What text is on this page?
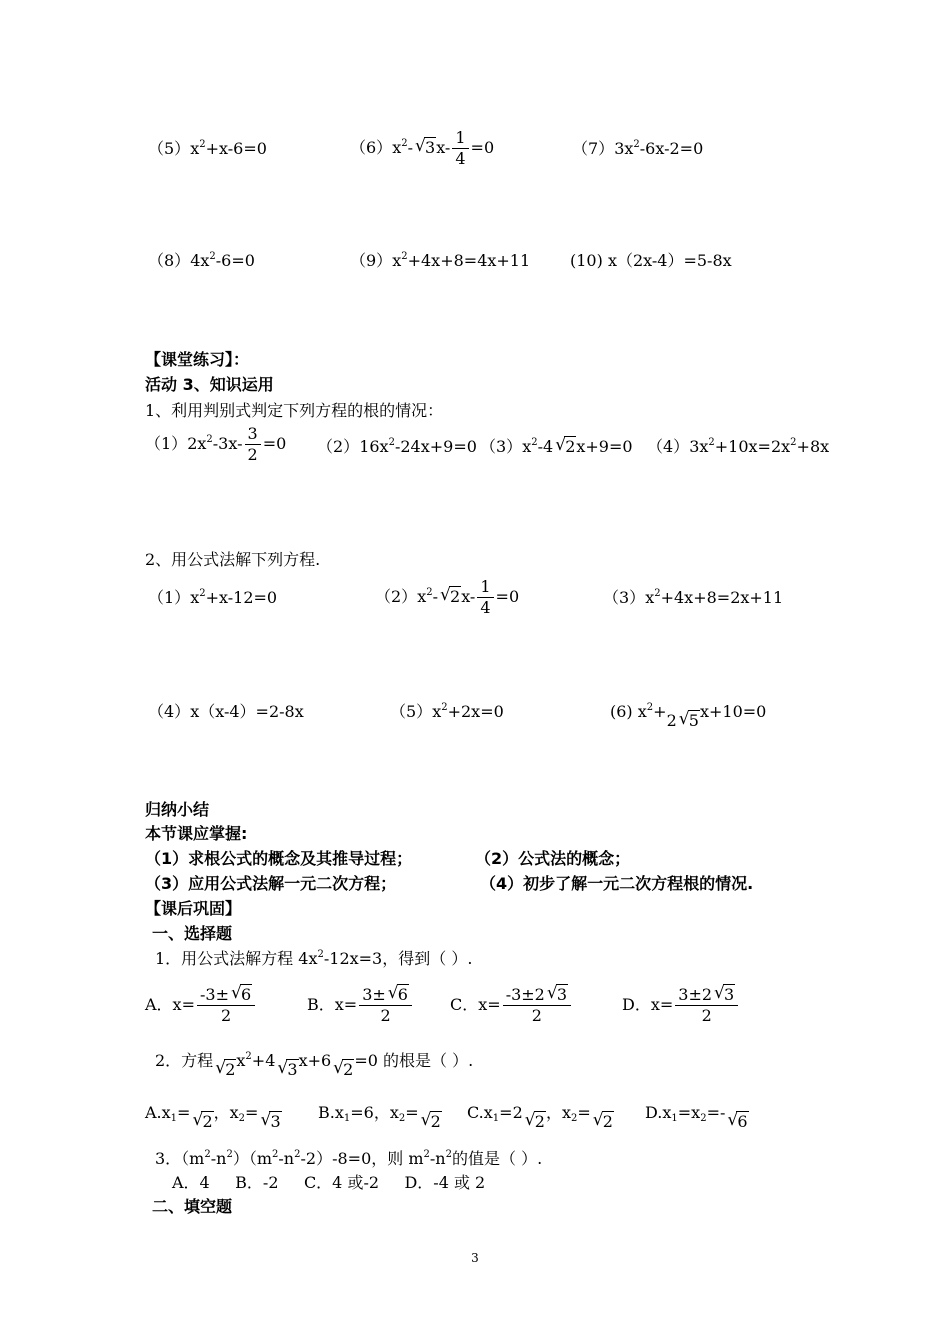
$(5)x^2+x-6=0$	$(6)x^2-$ √ $3x- \frac{1}{4} =0$	$(7)3x^2-6x-2=0$
$(8)4x^2-6=0$	$(9)x^2+4x+8=4x+11$ (10) x（2x-4）=5-8x
【课堂练习】：
活动 3、知识运用
1、利用判别式判定下列方程的根的情况：
$(1)2x^2-3x- \frac{3}{2} =0$ $(2)16x^2-24x+9=0$ $(3)x^2-4$ √ 2x+9=0 $(4)3x^2+10x=2x^2+8x$
2、用公式法解下列方程.
$(1)x^2+x-12=0$	$(2)x^2-$ √ $2x- \frac{1}{4} =0$	$(3)x^2+4x+8=2x+11$
（4）x（x-4）=2-8x	$(5)x^2+2x=0$	(6) $x^2+2$ √ 5x+10=0
归纳小结
本节课应掌握:
（1）求根公式的概念及其推导过程；	（2）公式法的概念；
（3）应用公式法解一元二次方程；	（4）初步了解一元二次方程根的情况.
【课后巩固】
一、选择题
1．用公式法解方程 $4x^2-12x=3$，得到（ ）.
A．$x= \frac{-3\pm √ 6}{2}$	B．$x= \frac{3\pm √ 6}{2}$ C．$x= \frac{-3\pm 2 √ 3}{2}$	D．$x= \frac{3\pm 2 √ 3}{2}$
2．方程 √ $2x^2+4$ √ 3x+6 √ 2=0 的根是（ ）.
$A.x_1=$ √ 2，$x_2=$ √ 3 $B.x_1=6$，$x_2=$ √ 2 $C.x_1=2$ √ 2，$x_2=$ √ 2 $D.x_1=x_2=-$ √ 6
3．$(m^2-n^2)(m^2-n^2-2)-8=0$，则 $m^2-n^2$的值是（ ）.
A．4     B．-2     C．4 或-2     D．-4 或 2
二、填空题
3
